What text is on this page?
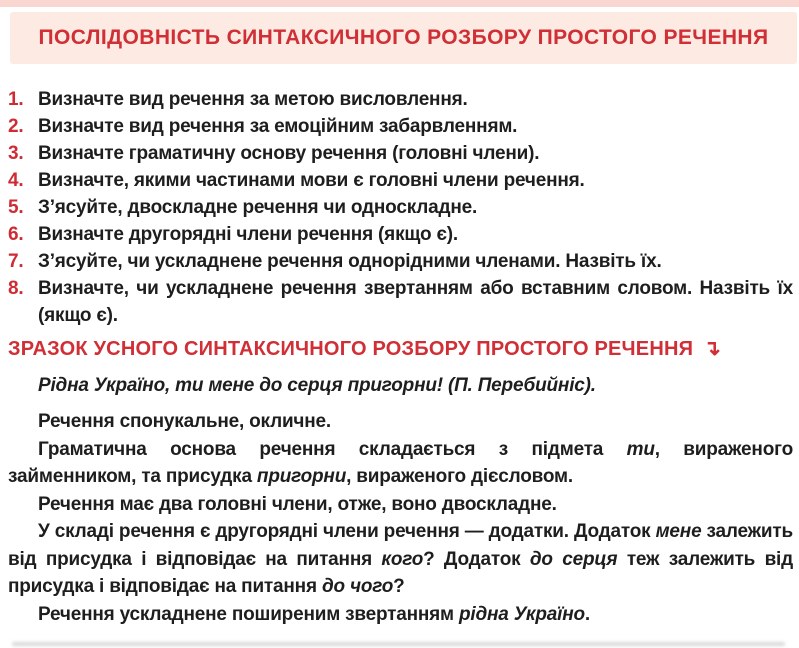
ПОСЛІДОВНІСТЬ СИНТАКСИЧНОГО РОЗБОРУ ПРОСТОГО РЕЧЕННЯ
1. Визначте вид речення за метою висловлення.
2. Визначте вид речення за емоційним забарвленням.
3. Визначте граматичну основу речення (головні члени).
4. Визначте, якими частинами мови є головні члени речення.
5. З’ясуйте, двоскладне речення чи односкладне.
6. Визначте другорядні члени речення (якщо є).
7. З’ясуйте, чи ускладнене речення однорідними членами. Назвіть їх.
8. Визначте, чи ускладнене речення звертанням або вставним словом. Назвіть їх (якщо є).
ЗРАЗОК УСНОГО СИНТАКСИЧНОГО РОЗБОРУ ПРОСТОГО РЕЧЕННЯ ↴

Рідна Україно, ти мене до серця пригорни! (П. Перебийніс).

Речення спонукальне, окличне.

Граматична основа речення складається з підмета ти, вираженого займенником, та присудка пригорни, вираженого дієсловом.

Речення має два головні члени, отже, воно двоскладне.

У складі речення є другорядні члени речення — додатки. Додаток мене залежить від присудка і відповідає на питання кого? Додаток до серця теж залежить від присудка і відповідає на питання до чого?

Речення ускладнене поширеним звертанням рідна Україно.
